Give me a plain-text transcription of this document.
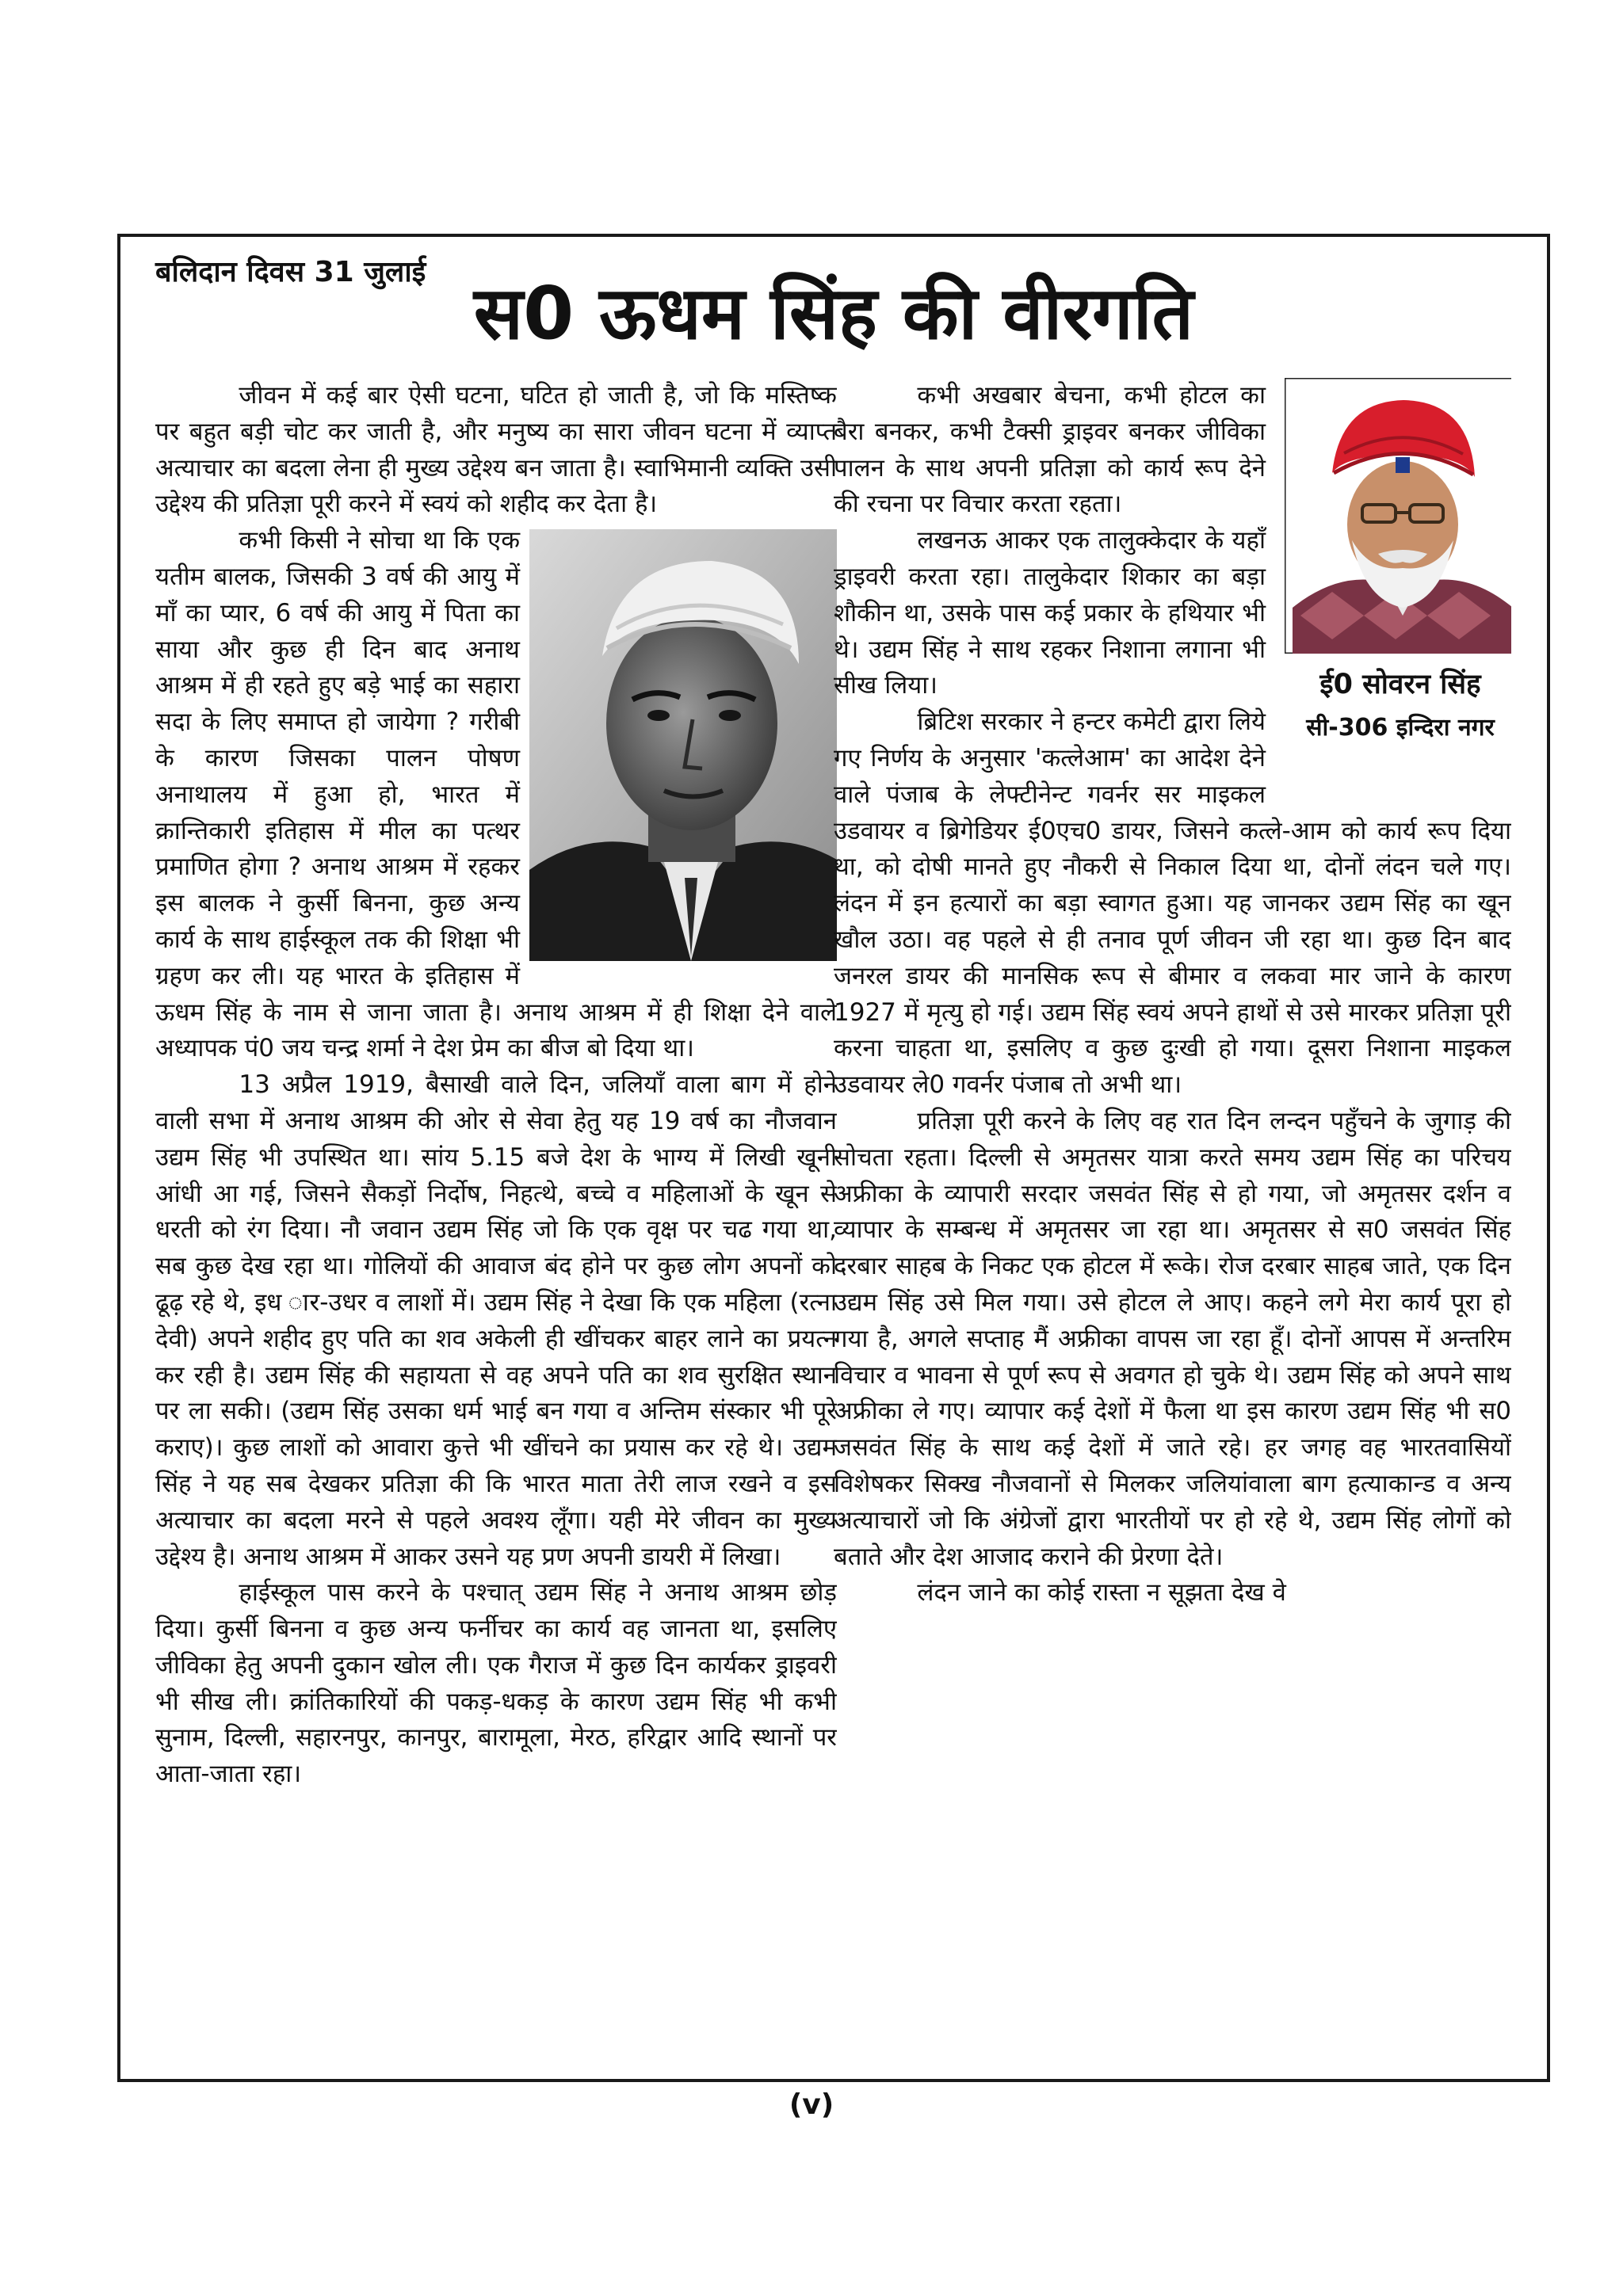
बलिदान दिवस 31 जुलाई स0 ऊधम सिंह की वीरगति

जीवन में कई बार ऐसी घटना, घटित हो जाती है, जो कि मस्तिष्क पर बहुत बड़ी चोट कर जाती है, और मनुष्य का सारा जीवन घटना में व्याप्त अत्याचार का बदला लेना ही मुख्य उद्देश्य बन जाता है। स्वाभिमानी व्यक्ति उसी उद्देश्य की प्रतिज्ञा पूरी करने में स्वयं को शहीद कर देता है।

कभी किसी ने सोचा था कि एक यतीम बालक, जिसकी 3 वर्ष की आयु में माँ का प्यार, 6 वर्ष की आयु में पिता का साया और कुछ ही दिन बाद अनाथ आश्रम में ही रहते हुए बड़े भाई का सहारा सदा के लिए समाप्त हो जायेगा ? गरीबी के कारण जिसका पालन पोषण अनाथालय में हुआ हो, भारत में क्रान्तिकारी इतिहास में मील का पत्थर प्रमाणित होगा ? अनाथ आश्रम में रहकर इस बालक ने कुर्सी बिनना, कुछ अन्य कार्य के साथ हाईस्कूल तक की शिक्षा भी ग्रहण कर ली। यह भारत के इतिहास में ऊधम सिंह के नाम से जाना जाता है। अनाथ आश्रम में ही शिक्षा देने वाले अध्यापक पं0 जय चन्द्र शर्मा ने देश प्रेम का बीज बो दिया था।

13 अप्रैल 1919, बैसाखी वाले दिन, जलियाँ वाला बाग में होने वाली सभा में अनाथ आश्रम की ओर से सेवा हेतु यह 19 वर्ष का नौजवान उद्यम सिंह भी उपस्थित था। सांय 5.15 बजे देश के भाग्य में लिखी खूनी आंधी आ गई, जिसने सैकड़ों निर्दोष, निहत्थे, बच्चे व महिलाओं के खून से धरती को रंग दिया। नौ जवान उद्यम सिंह जो कि एक वृक्ष पर चढ गया था, सब कुछ देख रहा था। गोलियों की आवाज बंद होने पर कुछ लोग अपनों को ढूढ़ रहे थे, इध ार-उधर व लाशों में। उद्यम सिंह ने देखा कि एक महिला (रत्ना देवी) अपने शहीद हुए पति का शव अकेली ही खींचकर बाहर लाने का प्रयत्न कर रही है। उद्यम सिंह की सहायता से वह अपने पति का शव सुरक्षित स्थान पर ला सकी। (उद्यम सिंह उसका धर्म भाई बन गया व अन्तिम संस्कार भी पूरे कराए)। कुछ लाशों को आवारा कुत्ते भी खींचने का प्रयास कर रहे थे। उद्यम सिंह ने यह सब देखकर प्रतिज्ञा की कि भारत माता तेरी लाज रखने व इस अत्याचार का बदला मरने से पहले अवश्य लूँगा। यही मेरे जीवन का मुख्य उद्देश्य है। अनाथ आश्रम में आकर उसने यह प्रण अपनी डायरी में लिखा।

हाईस्कूल पास करने के पश्चात् उद्यम सिंह ने अनाथ आश्रम छोड़ दिया। कुर्सी बिनना व कुछ अन्य फर्नीचर का कार्य वह जानता था, इसलिए जीविका हेतु अपनी दुकान खोल ली। एक गैराज में कुछ दिन कार्यकर ड्राइवरी भी सीख ली। क्रांतिकारियों की पकड़-धकड़ के कारण उद्यम सिंह भी कभी सुनाम, दिल्ली, सहारनपुर, कानपुर, बारामूला, मेरठ, हरिद्वार आदि स्थानों पर आता-जाता रहा।

ई0 सोवरन सिंह
सी-306 इन्दिरा नगर

कभी अखबार बेचना, कभी होटल का बैरा बनकर, कभी टैक्सी ड्राइवर बनकर जीविका पालन के साथ अपनी प्रतिज्ञा को कार्य रूप देने की रचना पर विचार करता रहता।

लखनऊ आकर एक तालुक्केदार के यहाँ ड्राइवरी करता रहा। तालुकेदार शिकार का बड़ा शौकीन था, उसके पास कई प्रकार के हथियार भी थे। उद्यम सिंह ने साथ रहकर निशाना लगाना भी सीख लिया।

ब्रिटिश सरकार ने हन्टर कमेटी द्वारा लिये गए निर्णय के अनुसार 'कत्लेआम' का आदेश देने वाले पंजाब के लेफ्टीनेन्ट गवर्नर सर माइकल उडवायर व ब्रिगेडियर ई0एच0 डायर, जिसने कत्ले-आम को कार्य रूप दिया था, को दोषी मानते हुए नौकरी से निकाल दिया था, दोनों लंदन चले गए। लंदन में इन हत्यारों का बड़ा स्वागत हुआ। यह जानकर उद्यम सिंह का खून खौल उठा। वह पहले से ही तनाव पूर्ण जीवन जी रहा था। कुछ दिन बाद जनरल डायर की मानसिक रूप से बीमार व लकवा मार जाने के कारण 1927 में मृत्यु हो गई। उद्यम सिंह स्वयं अपने हाथों से उसे मारकर प्रतिज्ञा पूरी करना चाहता था, इसलिए व कुछ दुःखी हो गया। दूसरा निशाना माइकल उडवायर ले0 गवर्नर पंजाब तो अभी था।

प्रतिज्ञा पूरी करने के लिए वह रात दिन लन्दन पहुँचने के जुगाड़ की सोचता रहता। दिल्ली से अमृतसर यात्रा करते समय उद्यम सिंह का परिचय अफ्रीका के व्यापारी सरदार जसवंत सिंह से हो गया, जो अमृतसर दर्शन व व्यापार के सम्बन्ध में अमृतसर जा रहा था। अमृतसर से स0 जसवंत सिंह दरबार साहब के निकट एक होटल में रूके। रोज दरबार साहब जाते, एक दिन उद्यम सिंह उसे मिल गया। उसे होटल ले आए। कहने लगे मेरा कार्य पूरा हो गया है, अगले सप्ताह मैं अफ्रीका वापस जा रहा हूँ। दोनों आपस में अन्तरिम विचार व भावना से पूर्ण रूप से अवगत हो चुके थे। उद्यम सिंह को अपने साथ अफ्रीका ले गए। व्यापार कई देशों में फैला था इस कारण उद्यम सिंह भी स0 जसवंत सिंह के साथ कई देशों में जाते रहे। हर जगह वह भारतवासियों विशेषकर सिक्ख नौजवानों से मिलकर जलियांवाला बाग हत्याकान्ड व अन्य अत्याचारों जो कि अंग्रेजों द्वारा भारतीयों पर हो रहे थे, उद्यम सिंह लोगों को बताते और देश आजाद कराने की प्रेरणा देते।

लंदन जाने का कोई रास्ता न सूझता देख वे

(v)
